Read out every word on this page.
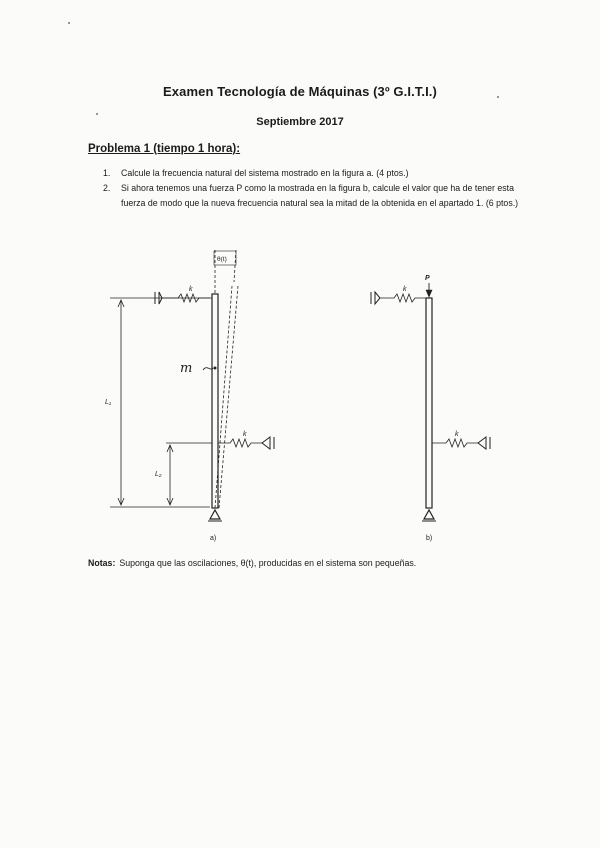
Examen Tecnología de Máquinas (3º G.I.T.I.)
Septiembre 2017
Problema 1 (tiempo 1 hora):
1.	Calcule la frecuencia natural del sistema mostrado en la figura a. (4 ptos.)
2.	Si ahora tenemos una fuerza P como la mostrada en la figura b, calcule el valor que ha de tener esta fuerza de modo que la nueva frecuencia natural sea la mitad de la obtenida en el apartado 1. (6 ptos.)
θ(t)
k
k
m
L₁
L₂
a)
P
k
k
b)
Notas: Suponga que las oscilaciones, θ(t), producidas en el sistema son pequeñas.
